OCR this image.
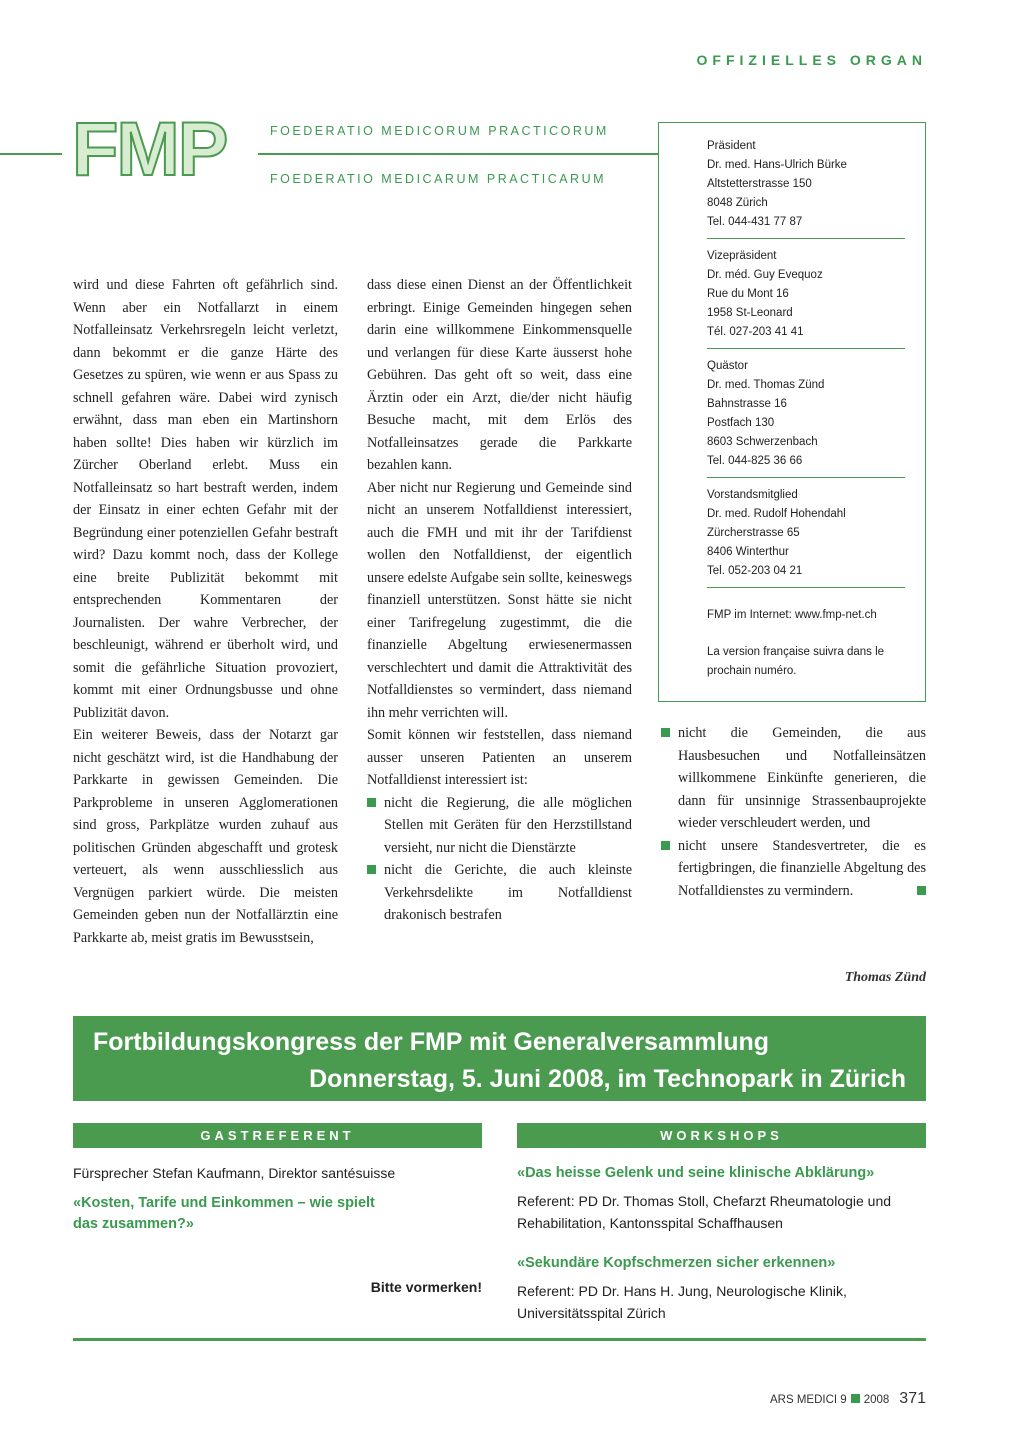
OFFIZIELLES ORGAN
FMP	FOEDERATIO MEDICORUM PRACTICORUM
FOEDERATIO MEDICARUM PRACTICARUM
Präsident
Dr. med. Hans-Ulrich Bürke
Altstetterstrasse 150
8048 Zürich
Tel. 044-431 77 87
Vizepräsident
Dr. méd. Guy Evequoz
Rue du Mont 16
1958 St-Leonard
Tél. 027-203 41 41
Quästor
Dr. med. Thomas Zünd
Bahnstrasse 16
Postfach 130
8603 Schwerzenbach
Tel. 044-825 36 66
Vorstandsmitglied
Dr. med. Rudolf Hohendahl
Zürcherstrasse 65
8406 Winterthur
Tel. 052-203 04 21
FMP im Internet: www.fmp-net.ch
La version française suivra dans le prochain numéro.

wird und diese Fahrten oft gefährlich sind. Wenn aber ein Notfallarzt in einem Notfalleinsatz Verkehrsregeln leicht verletzt, dann bekommt er die ganze Härte des Gesetzes zu spüren, wie wenn er aus Spass zu schnell gefahren wäre. Dabei wird zynisch erwähnt, dass man eben ein Martinshorn haben sollte! Dies haben wir kürzlich im Zürcher Oberland erlebt. Muss ein Notfalleinsatz so hart bestraft werden, indem der Einsatz in einer echten Gefahr mit der Begründung einer potenziellen Gefahr bestraft wird? Dazu kommt noch, dass der Kollege eine breite Publizität bekommt mit entsprechenden Kommentaren der Journalisten. Der wahre Verbrecher, der beschleunigt, während er überholt wird, und somit die gefährliche Situation provoziert, kommt mit einer Ordnungsbusse und ohne Publizität davon.

Ein weiterer Beweis, dass der Notarzt gar nicht geschätzt wird, ist die Handhabung der Parkkarte in gewissen Gemeinden. Die Parkprobleme in unseren Agglomerationen sind gross, Parkplätze wurden zuhauf aus politischen Gründen abgeschafft und grotesk verteuert, als wenn ausschliesslich aus Vergnügen parkiert würde. Die meisten Gemeinden geben nun der Notfallärztin eine Parkkarte ab, meist gratis im Bewusstsein,

dass diese einen Dienst an der Öffentlichkeit erbringt. Einige Gemeinden hingegen sehen darin eine willkommene Einkommensquelle und verlangen für diese Karte äusserst hohe Gebühren. Das geht oft so weit, dass eine Ärztin oder ein Arzt, die/der nicht häufig Besuche macht, mit dem Erlös des Notfalleinsatzes gerade die Parkkarte bezahlen kann.

Aber nicht nur Regierung und Gemeinde sind nicht an unserem Notfalldienst interessiert, auch die FMH und mit ihr der Tarifdienst wollen den Notfalldienst, der eigentlich unsere edelste Aufgabe sein sollte, keineswegs finanziell unterstützen. Sonst hätte sie nicht einer Tarifregelung zugestimmt, die die finanzielle Abgeltung erwiesenermassen verschlechtert und damit die Attraktivität des Notfalldienstes so vermindert, dass niemand ihn mehr verrichten will.

Somit können wir feststellen, dass niemand ausser unseren Patienten an unserem Notfalldienst interessiert ist:

nicht die Regierung, die alle möglichen Stellen mit Geräten für den Herzstillstand versieht, nur nicht die Dienstärzte

nicht die Gerichte, die auch kleinste Verkehrsdelikte im Notfalldienst drakonisch bestrafen

nicht die Gemeinden, die aus Hausbesuchen und Notfalleinsätzen willkommene Einkünfte generieren, die dann für unsinnige Strassenbauprojekte wieder verschleudert werden, und

nicht unsere Standesvertreter, die es fertigbringen, die finanzielle Abgeltung des Notfalldienstes zu vermindern.

Thomas Zünd
Fortbildungskongress der FMP mit Generalversammlung
Donnerstag, 5. Juni 2008, im Technopark in Zürich
GASTREFERENT
Fürsprecher Stefan Kaufmann, Direktor santésuisse
«Kosten, Tarife und Einkommen – wie spielt das zusammen?»
Bitte vormerken!
WORKSHOPS
«Das heisse Gelenk und seine klinische Abklärung»
Referent: PD Dr. Thomas Stoll, Chefarzt Rheumatologie und Rehabilitation, Kantonsspital Schaffhausen
«Sekundäre Kopfschmerzen sicher erkennen»
Referent: PD Dr. Hans H. Jung, Neurologische Klinik, Universitätsspital Zürich
ARS MEDICI 9 2008 371
